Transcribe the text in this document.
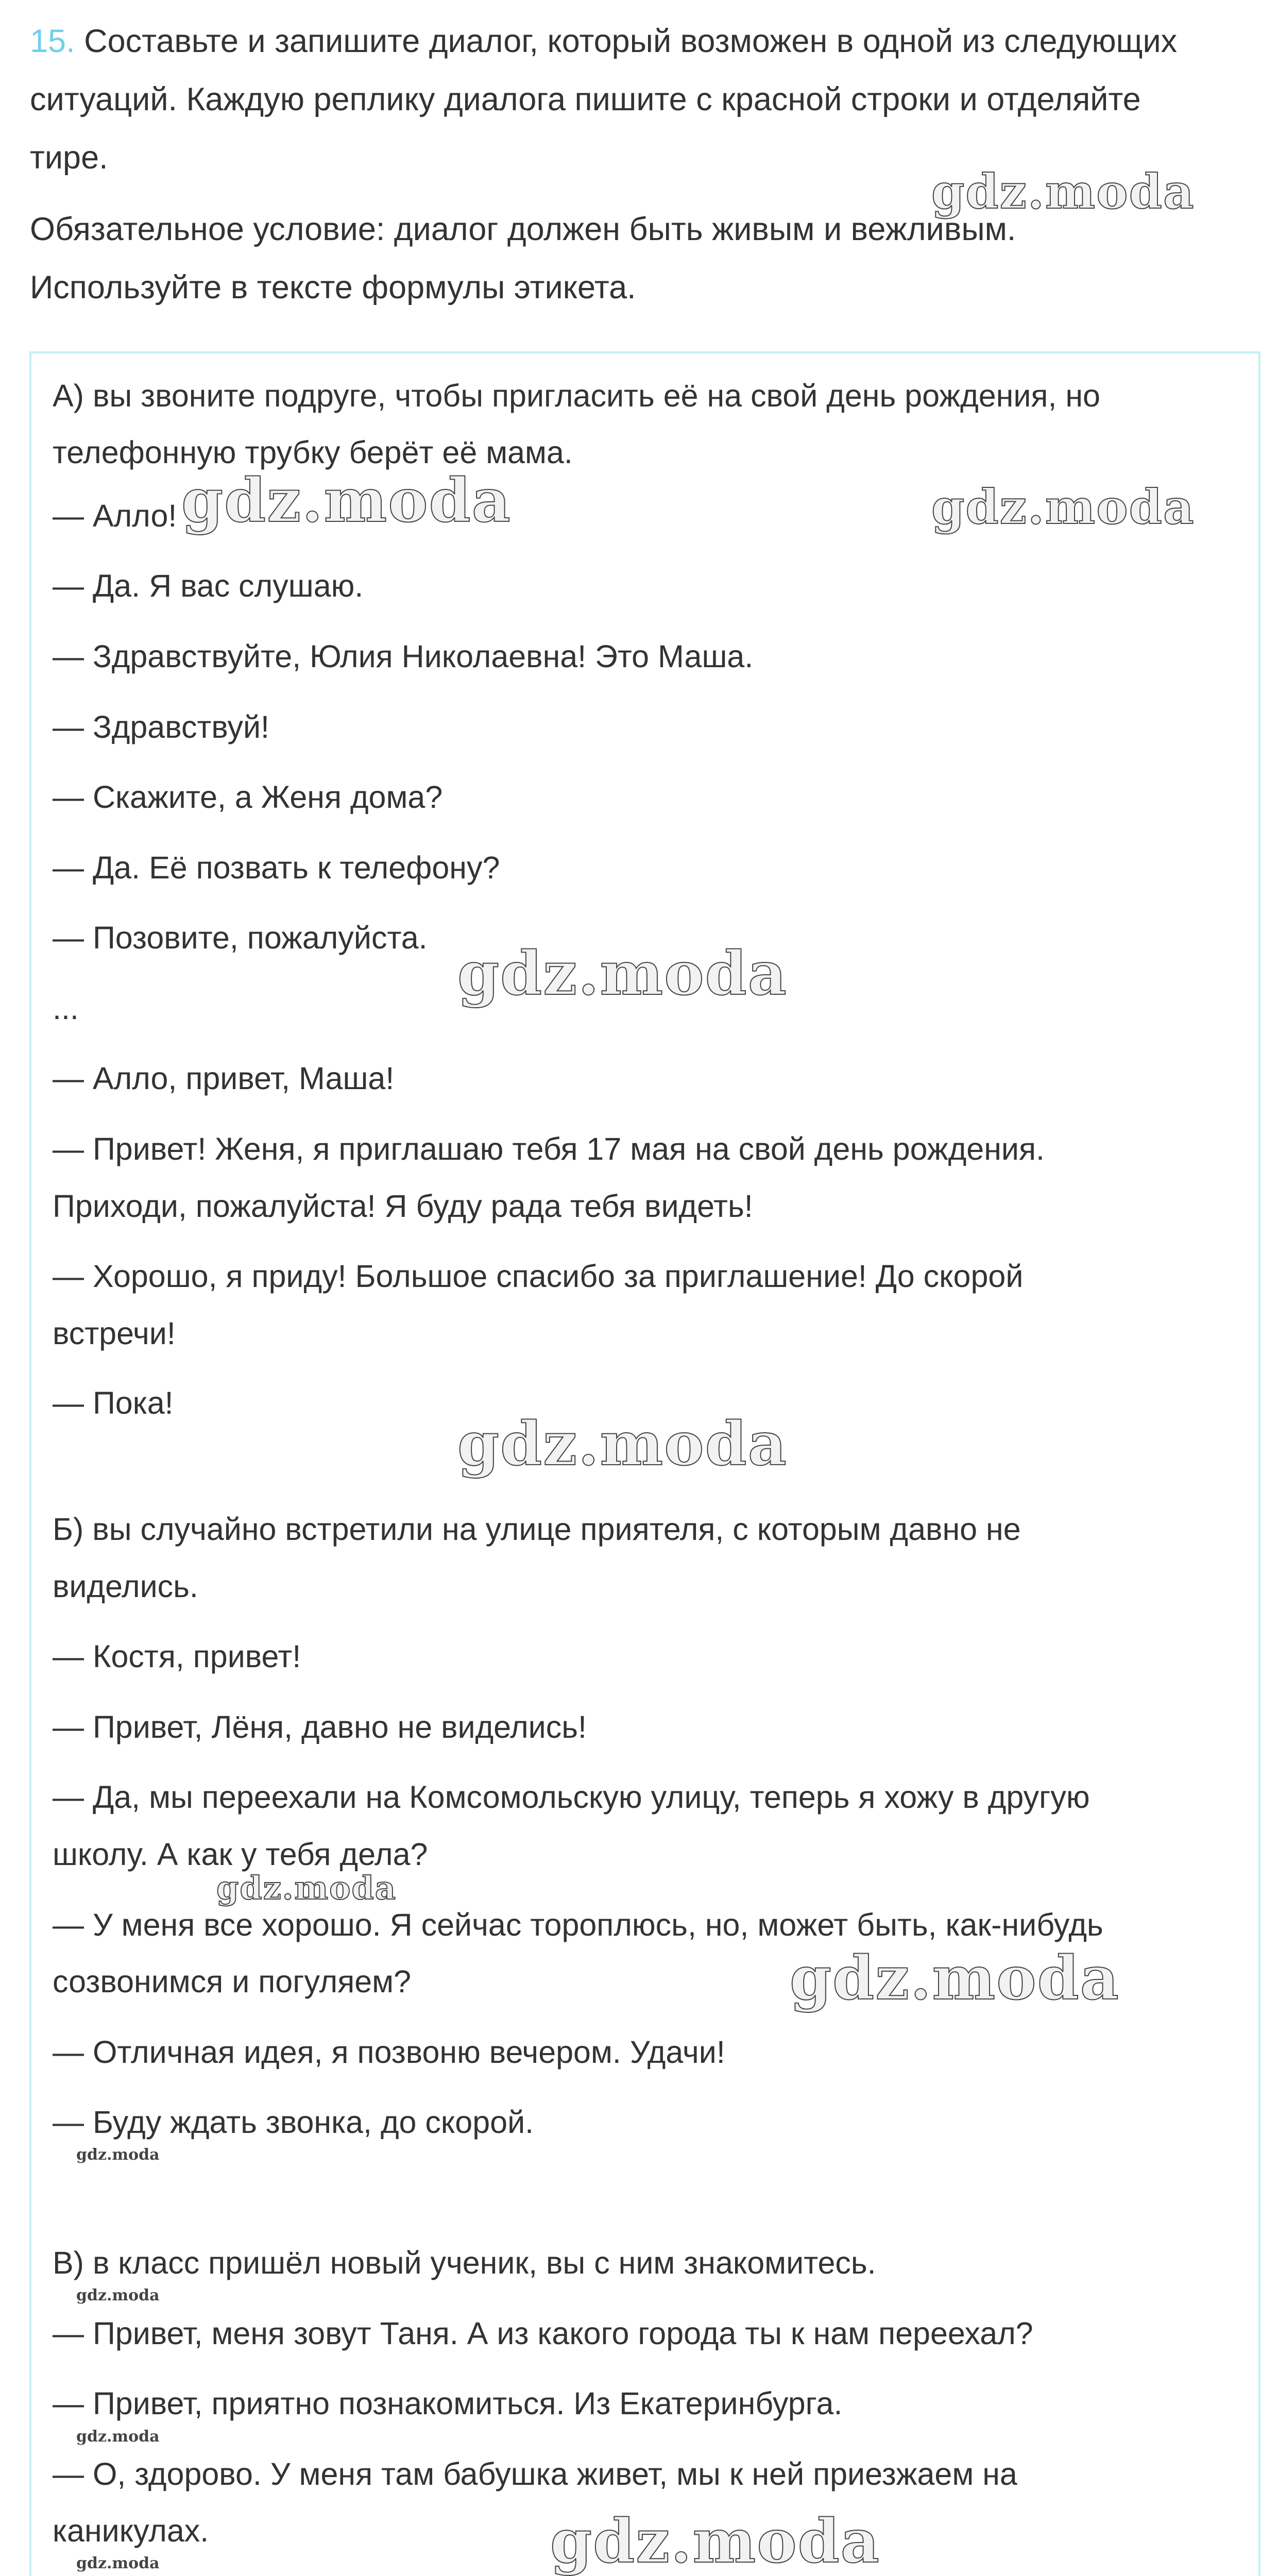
15. Составьте и запишите диалог, который возможен в одной из следующих

ситуаций. Каждую реплику диалога пишите с красной строки и отделяйте

тире.

Обязательное условие: диалог должен быть живым и вежливым.

Используйте в тексте формулы этикета.

А) вы звоните подруге, чтобы пригласить её на свой день рождения, но
телефонную трубку берёт её мама.
— Алло!
— Да. Я вас слушаю.
— Здравствуйте, Юлия Николаевна! Это Маша.
— Здравствуй!
— Скажите, а Женя дома?
— Да. Её позвать к телефону?
— Позовите, пожалуйста.
...
— Алло, привет, Маша!
— Привет! Женя, я приглашаю тебя 17 мая на свой день рождения.
Приходи, пожалуйста! Я буду рада тебя видеть!
— Хорошо, я приду! Большое спасибо за приглашение! До скорой
встречи!
— Пока!
Б) вы случайно встретили на улице приятеля, с которым давно не
виделись.
— Костя, привет!
— Привет, Лёня, давно не виделись!
— Да, мы переехали на Комсомольскую улицу, теперь я хожу в другую
школу. А как у тебя дела?
— У меня все хорошо. Я сейчас тороплюсь, но, может быть, как-нибудь
созвонимся и погуляем?
— Отличная идея, я позвоню вечером. Удачи!
— Буду ждать звонка, до скорой.
В) в класс пришёл новый ученик, вы с ним знакомитесь.
— Привет, меня зовут Таня. А из какого города ты к нам переехал?
— Привет, приятно познакомиться. Из Екатеринбурга.
— О, здорово. У меня там бабушка живет, мы к ней приезжаем на
каникулах.
gdz.moda
gdz.moda
gdz.moda
gdz.moda
gdz.moda
gdz.moda
gdz.moda
gdz.moda
gdz.moda
gdz.moda
gdz.moda
gdz.moda
